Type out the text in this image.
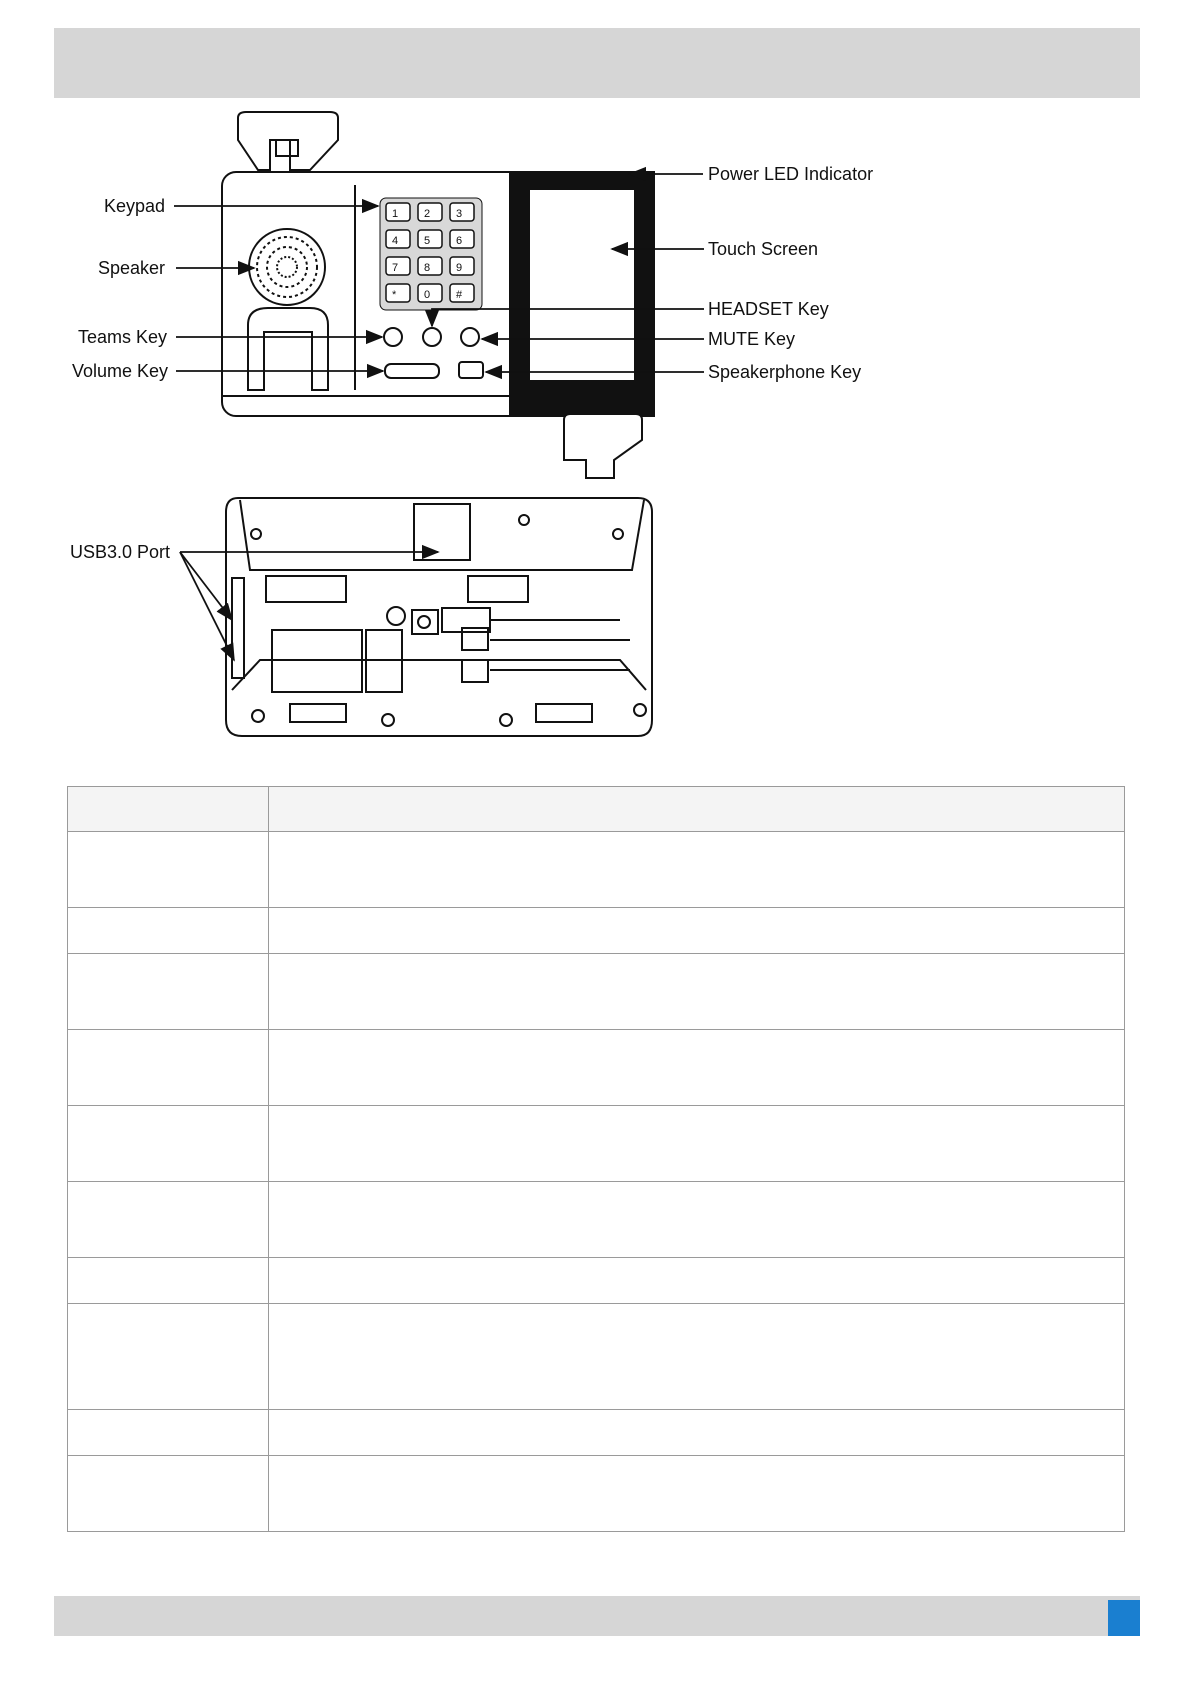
1 2 3
4 5 6
7 8 9
*	0 #
Keypad
Speaker
Teams Key
Volume Key
Power LED Indicator
Touch Screen
HEADSET Key
MUTE Key
Speakerphone Key
USB3.0 Port
